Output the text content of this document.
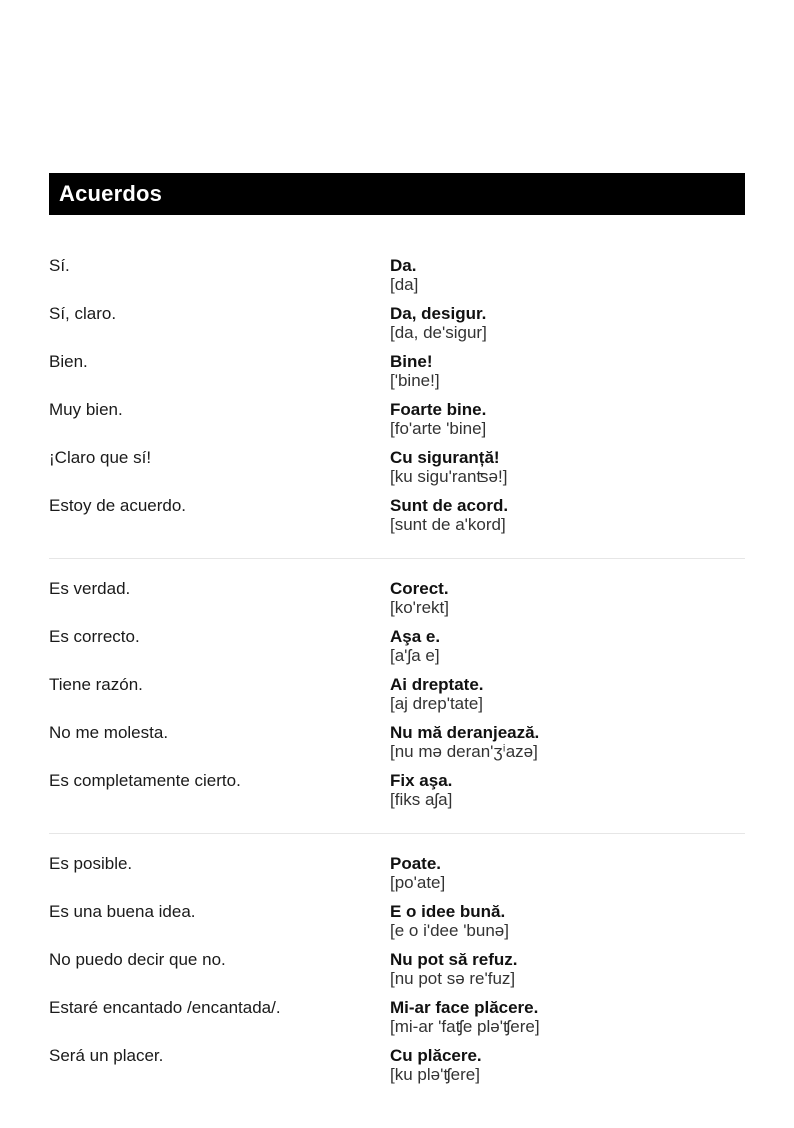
Acuerdos
Sí.	Da.
[da]
Sí, claro.	Da, desigur.
[da, de'sigur]
Bien.	Bine!
['bine!]
Muy bien.	Foarte bine.
[fo'arte 'bine]
¡Claro que sí!	Cu siguranță!
[ku sigu'ranʦə!]
Estoy de acuerdo.	Sunt de acord.
[sunt de a'kord]
Es verdad.	Corect.
[ko'rekt]
Es correcto.	Aşa e.
[a'ʃa e]
Tiene razón.	Ai dreptate.
[aj drep'tate]
No me molesta.	Nu mă deranjează.
[nu mə deran'ʒⁱazə]
Es completamente cierto.	Fix aşa.
[fiks aʃa]
Es posible.	Poate.
[po'ate]
Es una buena idea.	E o idee bună.
[e o i'dee 'bunə]
No puedo decir que no.	Nu pot să refuz.
[nu pot sə re'fuz]
Estaré encantado /encantada/.	Mi-ar face plăcere.
[mi-ar 'faʧe plə'ʧere]
Será un placer.	Cu plăcere.
[ku plə'ʧere]
